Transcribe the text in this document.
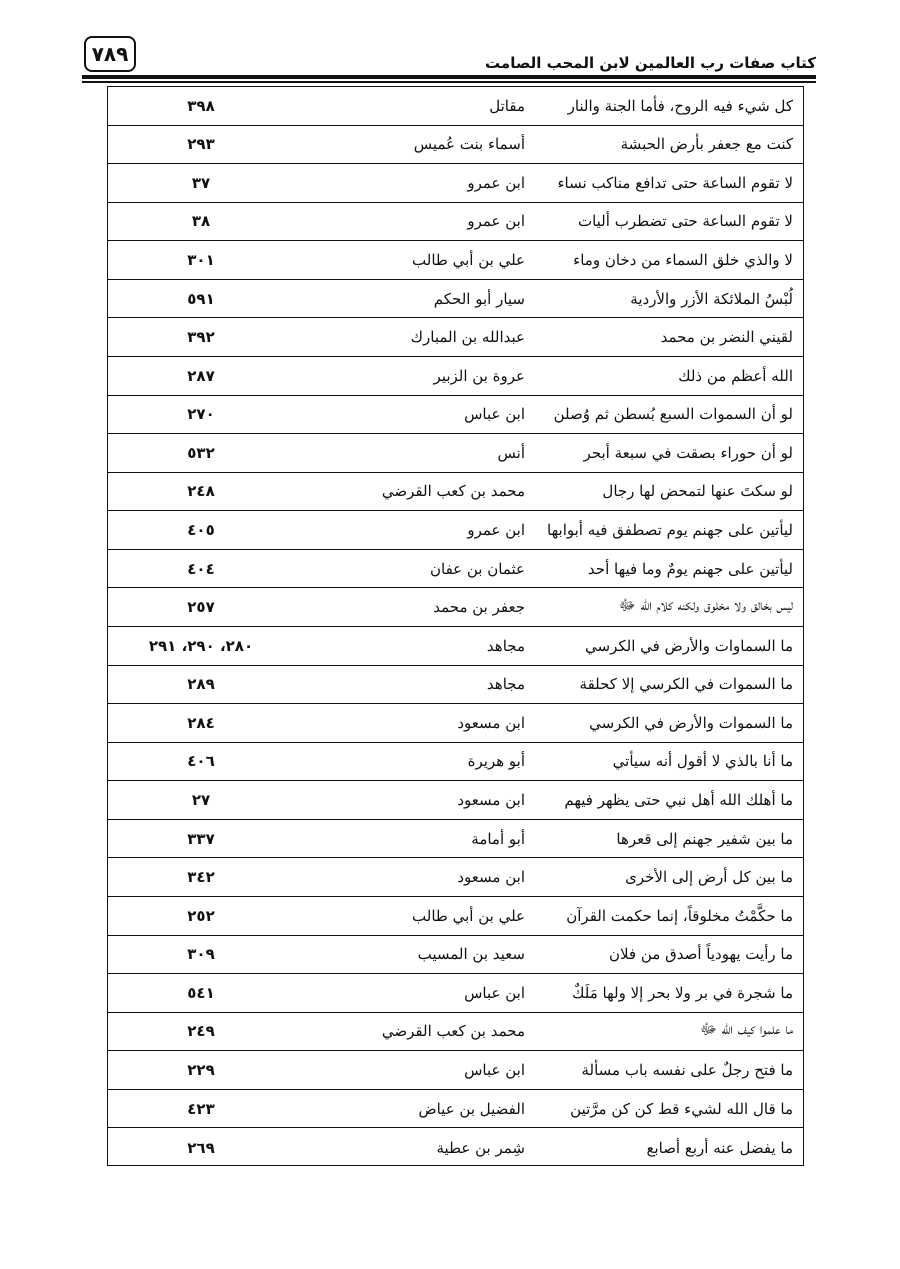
٧٨٩	كتاب صفات رب العالمين لابن المحب الصامت
كل شيء فيه الروح، فأما الجنة والنار
مقاتل
٣٩٨
كنت مع جعفر بأرض الحبشة
أسماء بنت عُميس
٢٩٣
لا تقوم الساعة حتى تدافع مناكب نساء
ابن عمرو
٣٧
لا تقوم الساعة حتى تضطرب أليات
ابن عمرو
٣٨
لا والذي خلق السماء من دخان وماء
علي بن أبي طالب
٣٠١
لُبْسُ الملائكة الأزر والأردية
سيار أبو الحكم
٥٩١
لقيني النضر بن محمد
عبدالله بن المبارك
٣٩٢
الله أعظم من ذلك
عروة بن الزبير
٢٨٧
لو أن السموات السبع بُسطن ثم وُصلن
ابن عباس
٢٧٠
لو أن حوراء بصقت في سبعة أبحر
أنس
٥٣٢
لو سكتَ عنها لتمحض لها رجال
محمد بن كعب القرضي
٢٤٨
ليأتين على جهنم يوم تصطفق فيه أبوابها
ابن عمرو
٤٠٥
ليأتين على جهنم يومٌ وما فيها أحد
عثمان بن عفان
٤٠٤
ليس بخالق ولا مخلوق ولكنه كلام الله ﷻ
جعفر بن محمد
٢٥٧
ما السماوات والأرض في الكرسي
مجاهد
٢٨٠، ٢٩٠، ٢٩١
ما السموات في الكرسي إلا كحلقة
مجاهد
٢٨٩
ما السموات والأرض في الكرسي
ابن مسعود
٢٨٤
ما أنا بالذي لا أقول أنه سيأتي
أبو هريرة
٤٠٦
ما أهلك الله أهل نبي حتى يظهر فيهم
ابن مسعود
٢٧
ما بين شفير جهنم إلى قعرها
أبو أمامة
٣٣٧
ما بين كل أرض إلى الأخرى
ابن مسعود
٣٤٢
ما حكَّمْتُ مخلوقاً، إنما حكمت القرآن
علي بن أبي طالب
٢٥٢
ما رأيت يهودياً أصدق من فلان
سعيد بن المسيب
٣٠٩
ما شجرة في بر ولا بحر إلا ولها مَلَكٌ
ابن عباس
٥٤١
ما علموا كيف الله ﷻ
محمد بن كعب القرضي
٢٤٩
ما فتح رجلٌ على نفسه باب مسألة
ابن عباس
٢٢٩
ما قال الله لشيء قط كن كن مرَّتين
الفضيل بن عياض
٤٢٣
ما يفضل عنه أربع أصابع
شِمر بن عطية
٢٦٩
